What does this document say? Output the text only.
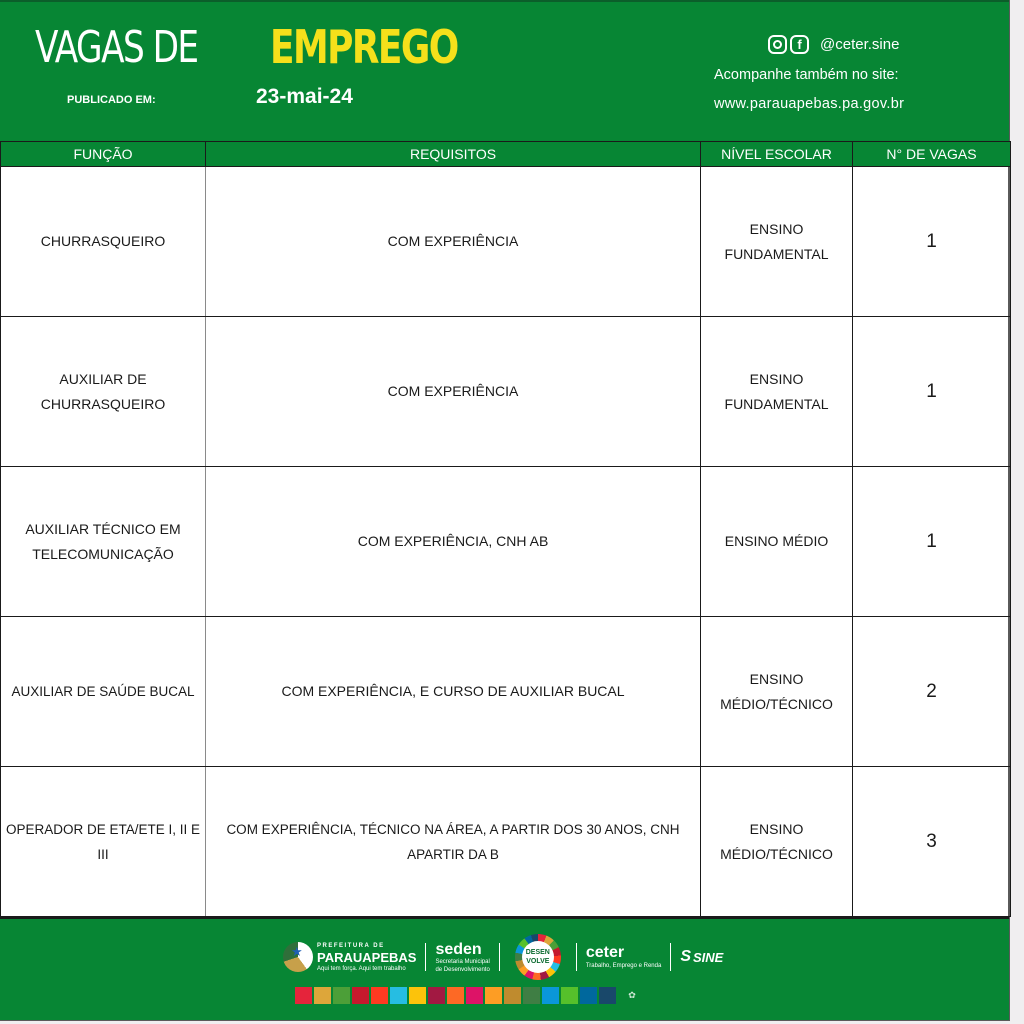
VAGAS DE EMPREGO
PUBLICADO EM:	23-mai-24
f	@ceter.sine
Acompanhe também no site:
www.parauapebas.pa.gov.br
FUNÇÃO	REQUISITOS	NÍVEL ESCOLAR	N° DE VAGAS
CHURRASQUEIRO	COM EXPERIÊNCIA	ENSINO FUNDAMENTAL	1

AUXILIAR DE CHURRASQUEIRO	COM EXPERIÊNCIA	ENSINO FUNDAMENTAL	1

AUXILIAR TÉCNICO EM TELECOMUNICAÇÃO	COM EXPERIÊNCIA, CNH AB	ENSINO MÉDIO	1
AUXILIAR DE SAÚDE BUCAL	COM EXPERIÊNCIA, E CURSO DE AUXILIAR BUCAL	ENSINO MÉDIO/TÉCNICO	2
OPERADOR DE ETA/ETE I, II E III	COM EXPERIÊNCIA, TÉCNICO NA ÁREA, A PARTIR DOS 30 ANOS, CNH APARTIR DA B	ENSINO MÉDIO/TÉCNICO	3
★
PREFEITURA DE
PARAUAPEBAS
Aqui tem força. Aqui tem trabalho
seden
Secretaria Municipal
de Desenvolvimento
DESEN
VOLVE
ceter
Trabalho, Emprego e Renda
S SINE
✿
